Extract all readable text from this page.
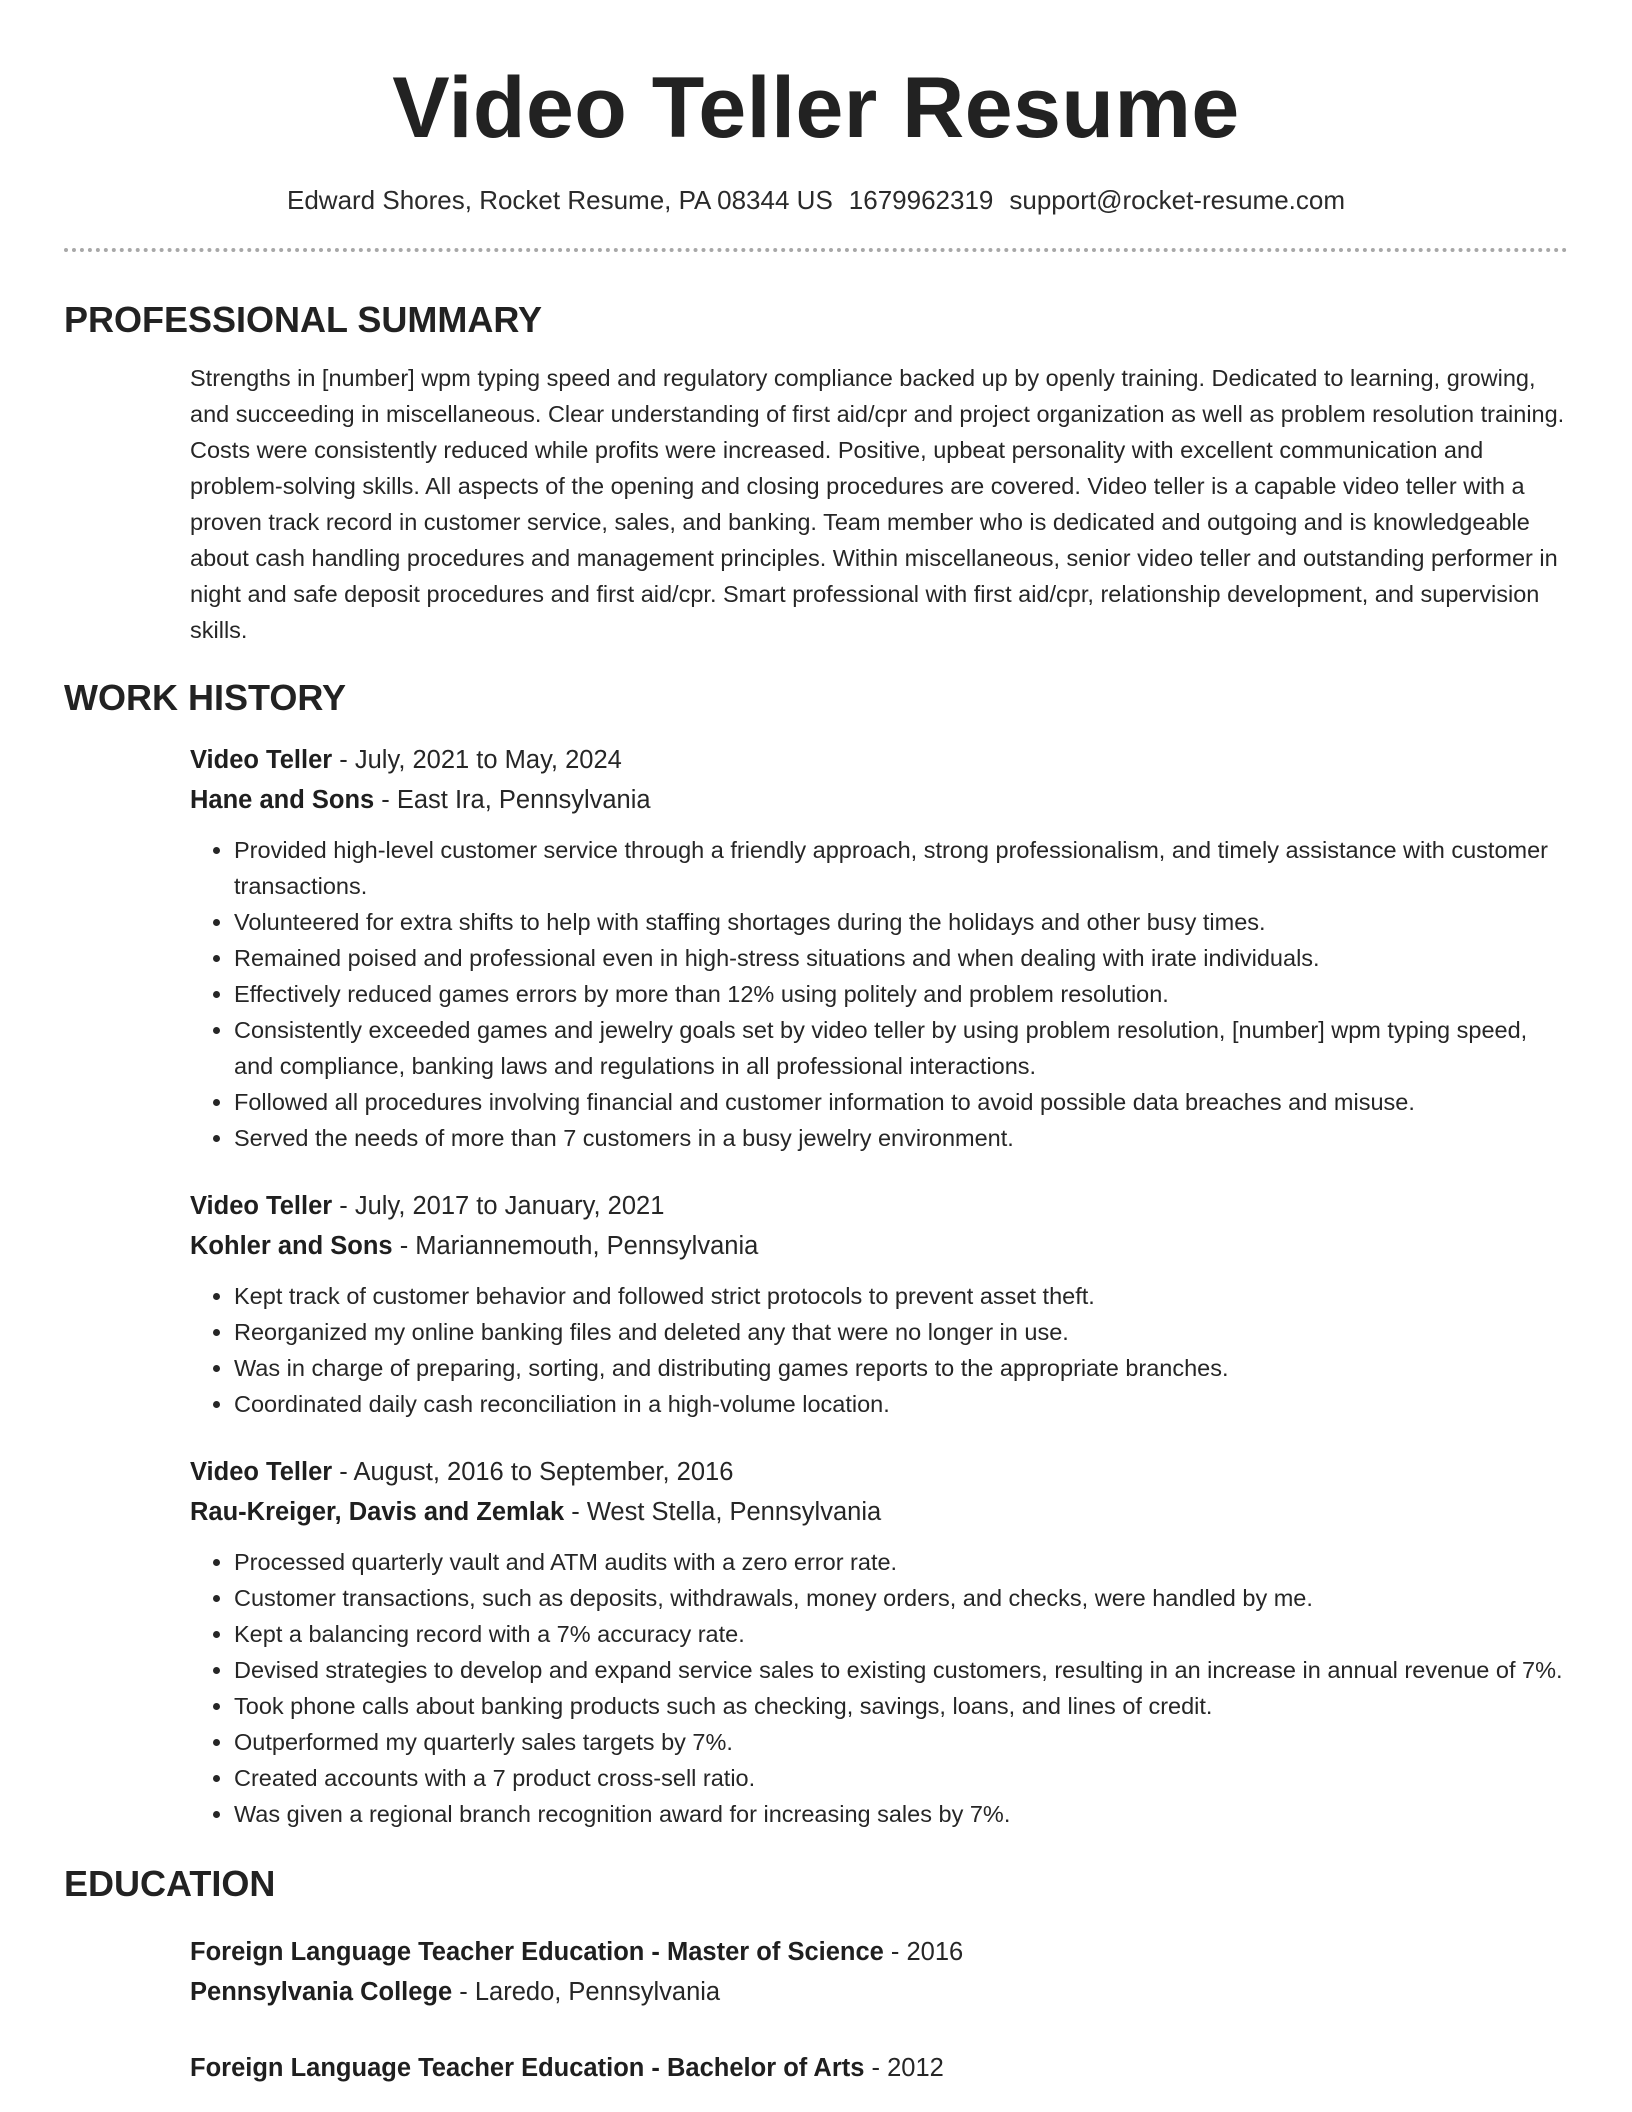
Video Teller Resume
Edward Shores, Rocket Resume, PA 08344 US 1679962319 support@rocket-resume.com
PROFESSIONAL SUMMARY
Strengths in [number] wpm typing speed and regulatory compliance backed up by openly training. Dedicated to learning, growing, and succeeding in miscellaneous. Clear understanding of first aid/cpr and project organization as well as problem resolution training. Costs were consistently reduced while profits were increased. Positive, upbeat personality with excellent communication and problem-solving skills. All aspects of the opening and closing procedures are covered. Video teller is a capable video teller with a proven track record in customer service, sales, and banking. Team member who is dedicated and outgoing and is knowledgeable about cash handling procedures and management principles. Within miscellaneous, senior video teller and outstanding performer in night and safe deposit procedures and first aid/cpr. Smart professional with first aid/cpr, relationship development, and supervision skills.
WORK HISTORY
Video Teller - July, 2021 to May, 2024
Hane and Sons - East Ira, Pennsylvania
• Provided high-level customer service through a friendly approach, strong professionalism, and timely assistance with customer transactions.
• Volunteered for extra shifts to help with staffing shortages during the holidays and other busy times.
• Remained poised and professional even in high-stress situations and when dealing with irate individuals.
• Effectively reduced games errors by more than 12% using politely and problem resolution.
• Consistently exceeded games and jewelry goals set by video teller by using problem resolution, [number] wpm typing speed, and compliance, banking laws and regulations in all professional interactions.
• Followed all procedures involving financial and customer information to avoid possible data breaches and misuse.
• Served the needs of more than 7 customers in a busy jewelry environment.
Video Teller - July, 2017 to January, 2021
Kohler and Sons - Mariannemouth, Pennsylvania
• Kept track of customer behavior and followed strict protocols to prevent asset theft.
• Reorganized my online banking files and deleted any that were no longer in use.
• Was in charge of preparing, sorting, and distributing games reports to the appropriate branches.
• Coordinated daily cash reconciliation in a high-volume location.
Video Teller - August, 2016 to September, 2016
Rau-Kreiger, Davis and Zemlak - West Stella, Pennsylvania
• Processed quarterly vault and ATM audits with a zero error rate.
• Customer transactions, such as deposits, withdrawals, money orders, and checks, were handled by me.
• Kept a balancing record with a 7% accuracy rate.
• Devised strategies to develop and expand service sales to existing customers, resulting in an increase in annual revenue of 7%.
• Took phone calls about banking products such as checking, savings, loans, and lines of credit.
• Outperformed my quarterly sales targets by 7%.
• Created accounts with a 7 product cross-sell ratio.
• Was given a regional branch recognition award for increasing sales by 7%.
EDUCATION
Foreign Language Teacher Education - Master of Science - 2016
Pennsylvania College - Laredo, Pennsylvania
Foreign Language Teacher Education - Bachelor of Arts - 2012
